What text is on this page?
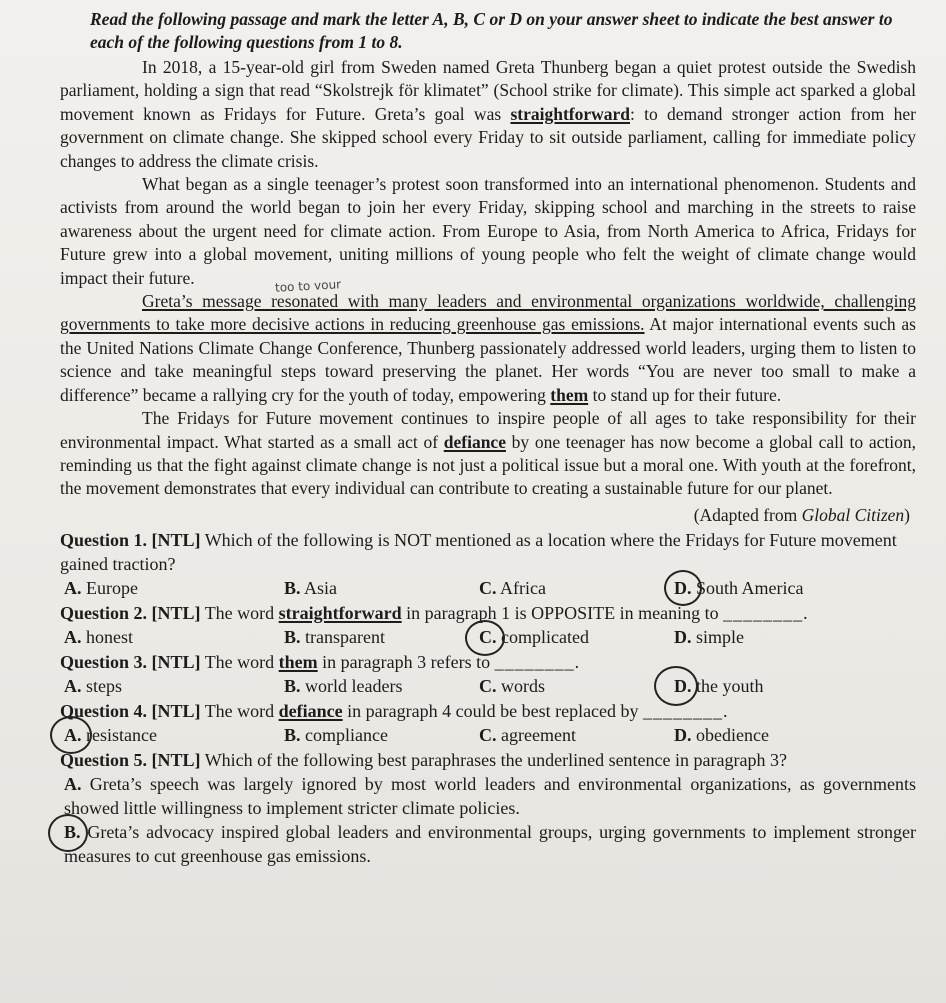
Read the following passage and mark the letter A, B, C or D on your answer sheet to indicate the best answer to each of the following questions from 1 to 8.

In 2018, a 15-year-old girl from Sweden named Greta Thunberg began a quiet protest outside the Swedish parliament, holding a sign that read “Skolstrejk för klimatet” (School strike for climate). This simple act sparked a global movement known as Fridays for Future. Greta’s goal was straightforward: to demand stronger action from her government on climate change. She skipped school every Friday to sit outside parliament, calling for immediate policy changes to address the climate crisis.

What began as a single teenager’s protest soon transformed into an international phenomenon. Students and activists from around the world began to join her every Friday, skipping school and marching in the streets to raise awareness about the urgent need for climate action. From Europe to Asia, from North America to Africa, Fridays for Future grew into a global movement, uniting millions of young people who felt the weight of climate change would impact their future.	too to vour

Greta’s message resonated with many leaders and environmental organizations worldwide, challenging governments to take more decisive actions in reducing greenhouse gas emissions. At major international events such as the United Nations Climate Change Conference, Thunberg passionately addressed world leaders, urging them to listen to science and take meaningful steps toward preserving the planet. Her words “You are never too small to make a difference” became a rallying cry for the youth of today, empowering them to stand up for their future.

The Fridays for Future movement continues to inspire people of all ages to take responsibility for their environmental impact. What started as a small act of defiance by one teenager has now become a global call to action, reminding us that the fight against climate change is not just a political issue but a moral one. With youth at the forefront, the movement demonstrates that every individual can contribute to creating a sustainable future for our planet.

(Adapted from Global Citizen)
Question 1. [NTL] Which of the following is NOT mentioned as a location where the Fridays for Future movement gained traction?
A. Europe	B. Asia	C. Africa	D. South America
Question 2. [NTL] The word straightforward in paragraph 1 is OPPOSITE in meaning to ________.
A. honest	B. transparent	C. complicated	D. simple
Question 3. [NTL] The word them in paragraph 3 refers to ________.
A. steps	B. world leaders	C. words	D. the youth
Question 4. [NTL] The word defiance in paragraph 4 could be best replaced by ________.
A. resistance	B. compliance	C. agreement	D. obedience
Question 5. [NTL] Which of the following best paraphrases the underlined sentence in paragraph 3?
A. Greta’s speech was largely ignored by most world leaders and environmental organizations, as governments showed little willingness to implement stricter climate policies.
B. Greta’s advocacy inspired global leaders and environmental groups, urging governments to implement stronger measures to cut greenhouse gas emissions.
